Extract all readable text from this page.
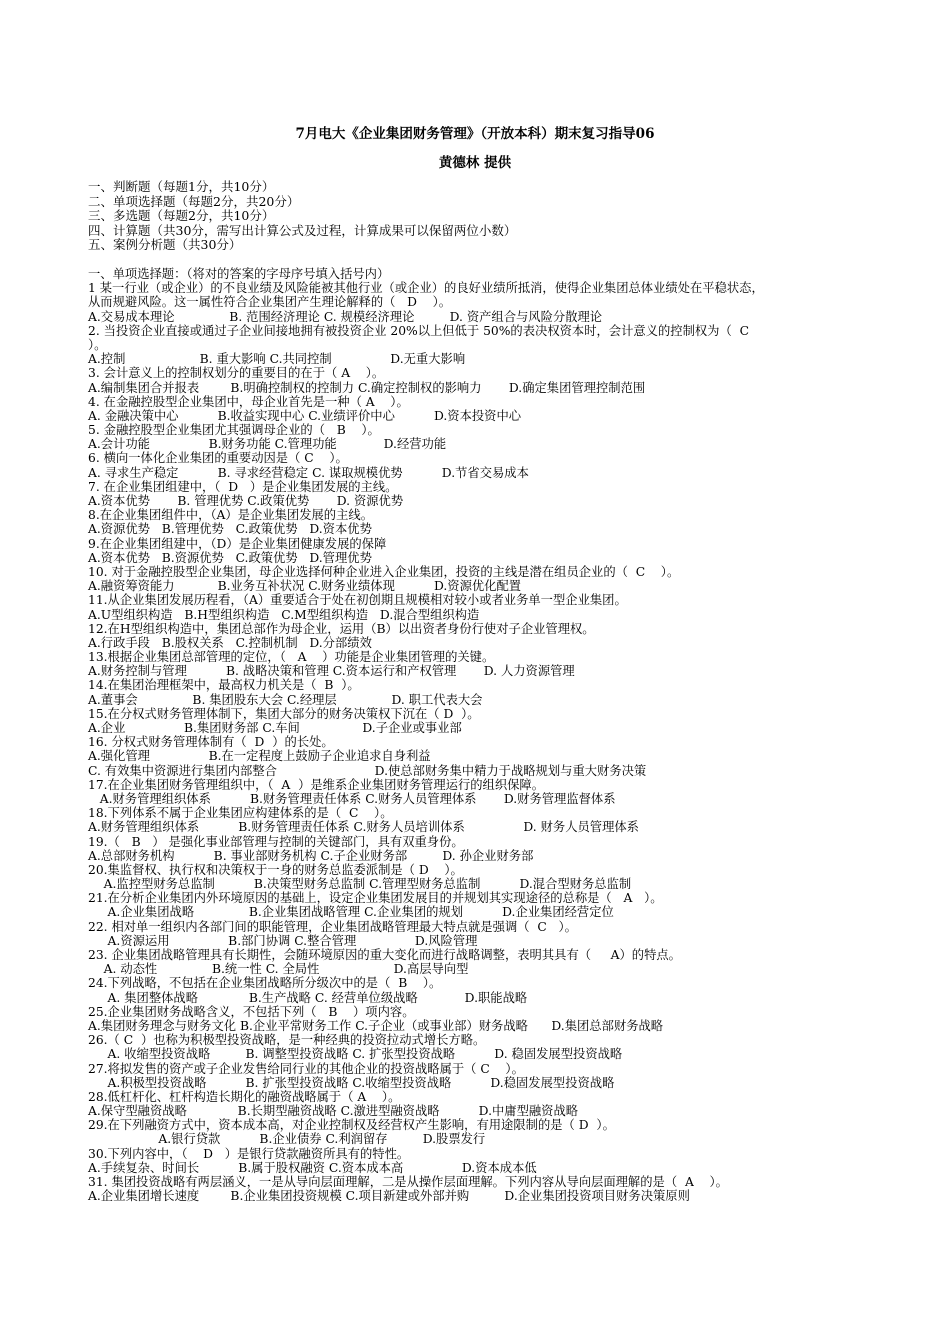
7月电大《企业集团财务管理》（开放本科）期末复习指导06
黄德林 提供
一、判断题（每题1分，共10分）
二、单项选择题（每题2分，共20分）
三、多选题（每题2分，共10分）
四、计算题（共30分，需写出计算公式及过程，计算成果可以保留两位小数）
五、案例分析题（共30分）
一、单项选择题：（将对的答案的字母序号填入括号内）
1 某一行业（或企业）的不良业绩及风险能被其他行业（或企业）的良好业绩所抵消，使得企业集团总体业绩处在平稳状态，
从而规避风险。这一属性符合企业集团产生理论解释的（   D    ）。
A.交易成本理论              B. 范围经济理论 C. 规模经济理论         D. 资产组合与风险分散理论
2. 当投资企业直接或通过子企业间接地拥有被投资企业 20%以上但低于 50%的表决权资本时，会计意义的控制权为（  C
）。
A.控制                   B. 重大影响 C.共同控制               D.无重大影响
3. 会计意义上的控制权划分的重要目的在于（ A    ）。
A.编制集团合并报表        B.明确控制权的控制力 C.确定控制权的影响力       D.确定集团管理控制范围
4. 在金融控股型企业集团中，母企业首先是一种（ A    ）。
A. 金融决策中心          B.收益实现中心 C.业绩评价中心          D.资本投资中心
5. 金融控股型企业集团尤其强调母企业的（   B    ）。
A.会计功能               B.财务功能 C.管理功能            D.经营功能
6. 横向一体化企业集团的重要动因是（ C    ）。
A. 寻求生产稳定          B. 寻求经营稳定 C. 谋取规模优势          D.节省交易成本
7. 在企业集团组建中，（  D   ）是企业集团发展的主线。
A.资本优势       B. 管理优势 C.政策优势       D. 资源优势
8.在企业集团组件中，（A）是企业集团发展的主线。
A.资源优势   B.管理优势   C.政策优势   D.资本优势
9.在企业集团组建中，（D）是企业集团健康发展的保障
A.资本优势   B.资源优势   C.政策优势   D.管理优势
10. 对于金融控股型企业集团，母企业选择何种企业进入企业集团，投资的主线是潜在组员企业的（  C    ）。
A.融资筹资能力           B.业务互补状况 C.财务业绩体现          D.资源优化配置
11.从企业集团发展历程看，（A）重要适合于处在初创期且规模相对较小或者业务单一型企业集团。
A.U型组织构造   B.H型组织构造   C.M型组织构造   D.混合型组织构造
12.在H型组织构造中，集团总部作为母企业，运用（B）以出资者身份行使对子企业管理权。
A.行政手段   B.股权关系   C.控制机制   D.分部绩效
13.根据企业集团总部管理的定位，（   A    ）功能是企业集团管理的关键。
A.财务控制与管理          B. 战略决策和管理 C.资本运行和产权管理       D. 人力资源管理
14.在集团治理框架中，最高权力机关是（  B  ）。
A.董事会              B. 集团股东大会 C.经理层              D. 职工代表大会
15.在分权式财务管理体制下，集团大部分的财务决策权下沉在（ D  ）。
A.企业               B.集团财务部 C.车间                D.子企业或事业部
16. 分权式财务管理体制有（  D  ）的长处。
A.强化管理               B.在一定程度上鼓励子企业追求自身利益
C. 有效集中资源进行集团内部整合                         D.使总部财务集中精力于战略规划与重大财务决策
17.在企业集团财务管理组织中，（  A  ）是维系企业集团财务管理运行的组织保障。
A.财务管理组织体系          B.财务管理责任体系 C.财务人员管理体系       D.财务管理监督体系
18.下列体系不属于企业集团应构建体系的是（  C    ）。
A.财务管理组织体系          B.财务管理责任体系 C.财务人员培训体系               D. 财务人员管理体系
19.（   B   ） 是强化事业部管理与控制的关键部门，具有双重身份。
A.总部财务机构          B. 事业部财务机构 C.子企业财务部         D. 孙企业财务部
20.集监督权、执行权和决策权于一身的财务总监委派制是（ D    ）。
A.监控型财务总监制          B.决策型财务总监制 C.管理型财务总监制          D.混合型财务总监制
21.在分析企业集团内外环境原因的基础上，设定企业集团发展目的并规划其实现途径的总称是（   A   ）。
A.企业集团战略              B.企业集团战略管理 C.企业集团的规划          D.企业集团经营定位
22. 相对单一组织内各部门间的职能管理，企业集团战略管理最大特点就是强调（  C   ）。
A.资源运用               B.部门协调 C.整合管理               D.风险管理
23. 企业集团战略管理具有长期性，会随环境原因的重大变化而进行战略调整，表明其具有（     A）的特点。
A. 动态性              B.统一性 C. 全局性                   D.高层导向型
24.下列战略，不包括在企业集团战略所分级次中的是（  B    ）。
A. 集团整体战略             B.生产战略 C. 经营单位级战略            D.职能战略
25.企业集团财务战略含义，不包括下列（   B    ）项内容。
A.集团财务理念与财务文化 B.企业平常财务工作 C.子企业（或事业部）财务战略      D.集团总部财务战略
26.（ C  ）也称为积极型投资战略，是一种经典的投资拉动式增长方略。
A. 收缩型投资战略         B. 调整型投资战略 C. 扩张型投资战略          D. 稳固发展型投资战略
27.将拟发售的资产或子企业发售给同行业的其他企业的投资战略属于（ C    ）。
A.积极型投资战略          B. 扩张型投资战略 C.收缩型投资战略          D.稳固发展型投资战略
28.低杠杆化、杠杆构造长期化的融资战略属于（ A    ）。
A.保守型融资战略             B.长期型融资战略 C.激进型融资战略          D.中庸型融资战略
29.在下列融资方式中，资本成本高，对企业控制权及经营权产生影响，有用途限制的是（ D  ）。
A.银行贷款          B.企业债券 C.利润留存         D.股票发行
30.下列内容中，（    D   ）是银行贷款融资所具有的特性。
A.手续复杂、时间长          B.属于股权融资 C.资本成本高               D.资本成本低
31. 集团投资战略有两层涵义，一是从导向层面理解，二是从操作层面理解。下列内容从导向层面理解的是（  A    ）。
A.企业集团增长速度        B.企业集团投资规模 C.项目新建或外部并购         D.企业集团投资项目财务决策原则
